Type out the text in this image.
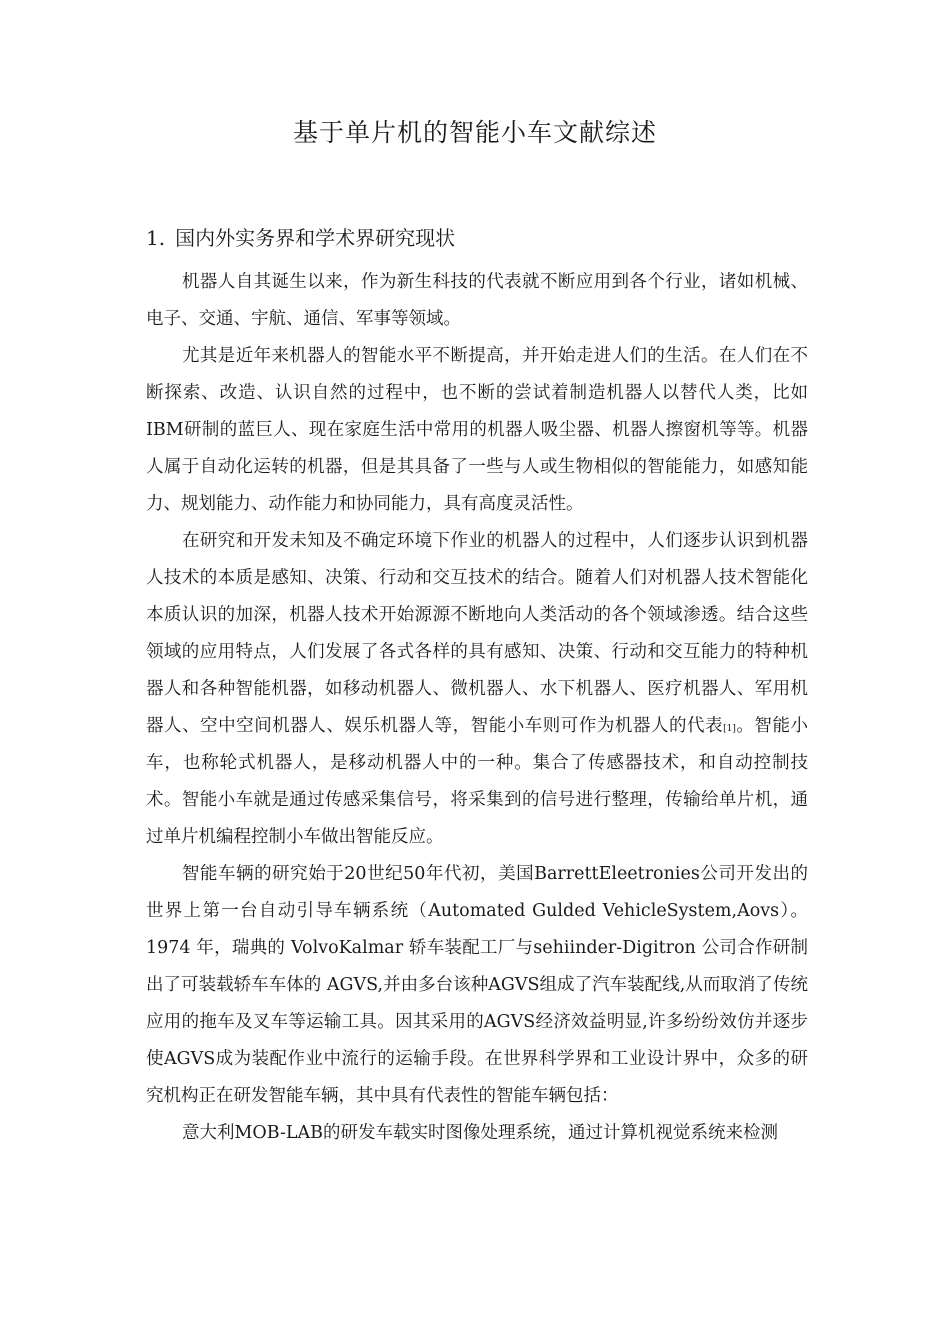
基于单片机的智能小车文献综述
1. 国内外实务界和学术界研究现状

机器人自其诞生以来，作为新生科技的代表就不断应用到各个行业，诸如机械、电子、交通、宇航、通信、军事等领域。

尤其是近年来机器人的智能水平不断提高，并开始走进人们的生活。在人们在不断探索、改造、认识自然的过程中，也不断的尝试着制造机器人以替代人类，比如IBM研制的蓝巨人、现在家庭生活中常用的机器人吸尘器、机器人擦窗机等等。机器人属于自动化运转的机器，但是其具备了一些与人或生物相似的智能能力，如感知能力、规划能力、动作能力和协同能力，具有高度灵活性。

在研究和开发未知及不确定环境下作业的机器人的过程中，人们逐步认识到机器人技术的本质是感知、决策、行动和交互技术的结合。随着人们对机器人技术智能化本质认识的加深，机器人技术开始源源不断地向人类活动的各个领域渗透。结合这些领域的应用特点，人们发展了各式各样的具有感知、决策、行动和交互能力的特种机器人和各种智能机器，如移动机器人、微机器人、水下机器人、医疗机器人、军用机器人、空中空间机器人、娱乐机器人等，智能小车则可作为机器人的代表[1]。智能小车，也称轮式机器人，是移动机器人中的一种。集合了传感器技术，和自动控制技术。智能小车就是通过传感采集信号，将采集到的信号进行整理，传输给单片机，通过单片机编程控制小车做出智能反应。

智能车辆的研究始于20世纪50年代初，美国BarrettEleetronies公司开发出的世界上第一台自动引导车辆系统（Automated Gulded VehicleSystem,Aovs）。1974 年，瑞典的 VolvoKalmar 轿车装配工厂与sehiinder-Digitron 公司合作研制出了可装载轿车车体的 AGVS,并由多台该种AGVS组成了汽车装配线,从而取消了传统应用的拖车及叉车等运输工具。因其采用的AGVS经济效益明显,许多纷纷效仿并逐步使AGVS成为装配作业中流行的运输手段。在世界科学界和工业设计界中，众多的研究机构正在研发智能车辆，其中具有代表性的智能车辆包括：

意大利MOB-LAB的研发车载实时图像处理系统，通过计算机视觉系统来检测
